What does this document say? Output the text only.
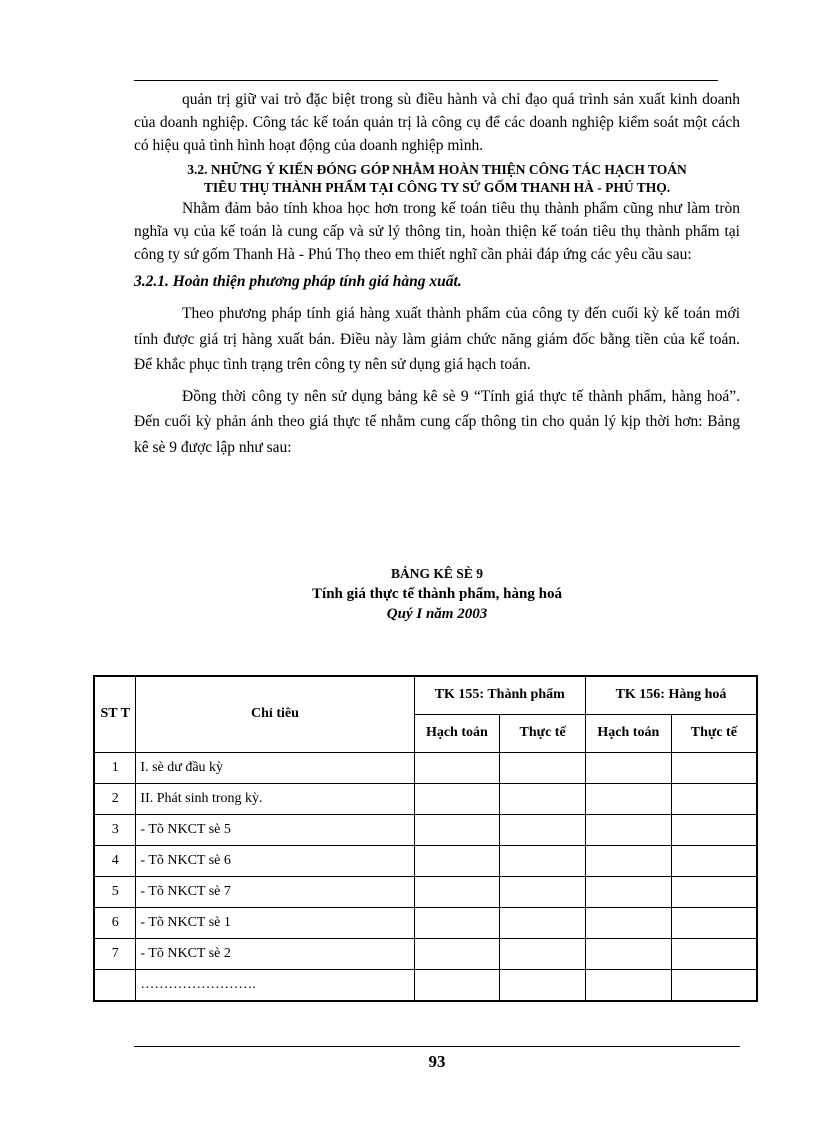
quản trị giữ vai trò đặc biệt trong sù điều hành và chỉ đạo quá trình sản xuất kinh doanh của doanh nghiệp. Công tác kế toán quản trị là công cụ để các doanh nghiệp kiểm soát một cách có hiệu quả tình hình hoạt động của doanh nghiệp mình.

3.2. NHỮNG Ý KIẾN ĐÓNG GÓP NHẰM HOÀN THIỆN CÔNG TÁC HẠCH TOÁN
TIÊU THỤ THÀNH PHẨM TẠI CÔNG TY SỨ GỐM THANH HÀ - PHÚ THỌ.

Nhằm đảm bảo tính khoa học hơn trong kế toán tiêu thụ thành phẩm cũng như làm tròn nghĩa vụ của kế toán là cung cấp và sử lý thông tin, hoàn thiện kế toán tiêu thụ thành phẩm tại công ty sứ gốm Thanh Hà - Phú Thọ theo em thiết nghĩ cần phải đáp ứng các yêu cầu sau:

3.2.1. Hoàn thiện phương pháp tính giá hàng xuất.

Theo phương pháp tính giá hàng xuất thành phẩm của công ty đến cuối kỳ kế toán mới tính được giá trị hàng xuất bán. Điều này làm giảm chức năng giám đốc bằng tiền của kế toán. Để khắc phục tình trạng trên công ty nên sử dụng giá hạch toán.

Đồng thời công ty nên sử dụng bảng kê sè 9 “Tính giá thực tế thành phẩm, hàng hoá”. Đến cuối kỳ phản ánh theo giá thực tế nhằm cung cấp thông tin cho quản lý kịp thời hơn: Bảng kê sè 9 được lập như sau:

BẢNG KÊ SÈ 9
Tính giá thực tế thành phẩm, hàng hoá
Quý I năm 2003
ST T	Chỉ tiêu	TK 155: Thành phẩm		TK 156: Hàng hoá	
		Hạch toán	Thực tế	Hạch toán	Thực tế
1	I. sè dư đầu kỳ				
2	II. Phát sinh trong kỳ.				
3	- Tõ NKCT sè 5				
4	- Tõ NKCT sè 6				
5	- Tõ NKCT sè 7				
6	- Tõ NKCT sè 1				
7	- Tõ NKCT sè 2				
	…………………….				
93
